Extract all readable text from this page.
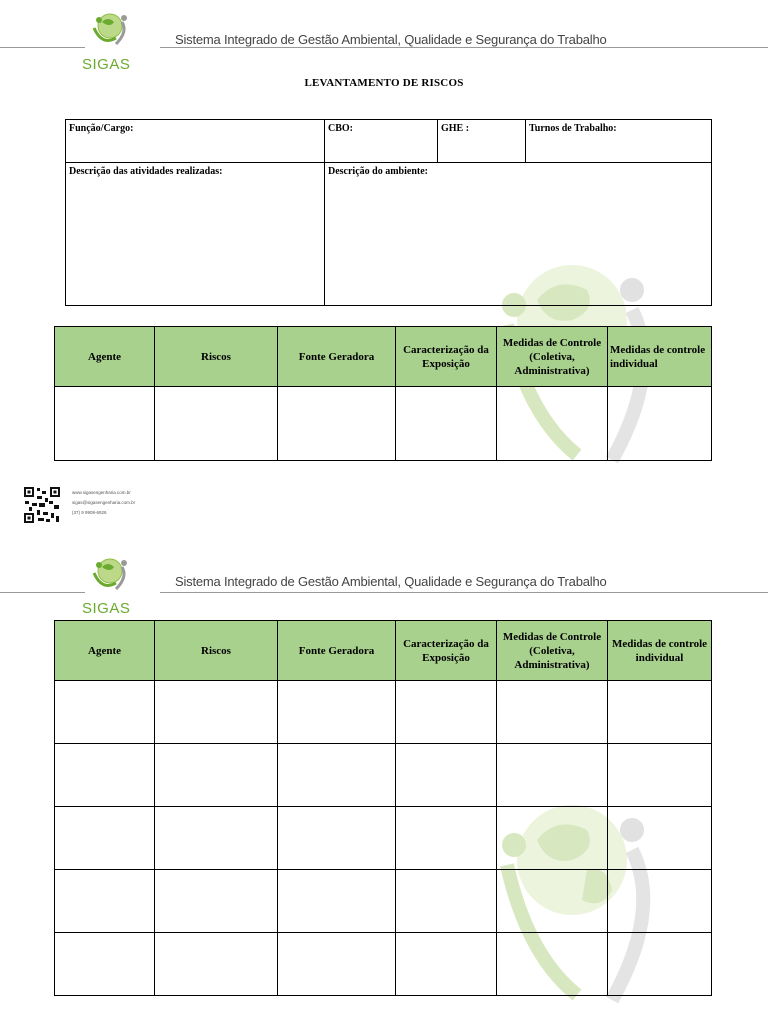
SIGAS
Sistema Integrado de Gestão Ambiental, Qualidade e Segurança do Trabalho
LEVANTAMENTO DE RISCOS
Função/Cargo:	CBO:	GHE :	Turnos de Trabalho:
Descrição das atividades realizadas:	Descrição do ambiente:		
Agente	Riscos	Fonte Geradora	Caracterização da Exposição	Medidas de Controle (Coletiva, Administrativa)	Medidas de controle individual

www.sigasengenharia.com.br
sigas@sigasengenharia.com.br
(37) 9 9908-6926
SIGAS
Sistema Integrado de Gestão Ambiental, Qualidade e Segurança do Trabalho
Agente	Riscos	Fonte Geradora	Caracterização da Exposição	Medidas de Controle (Coletiva, Administrativa)	Medidas de controle individual
